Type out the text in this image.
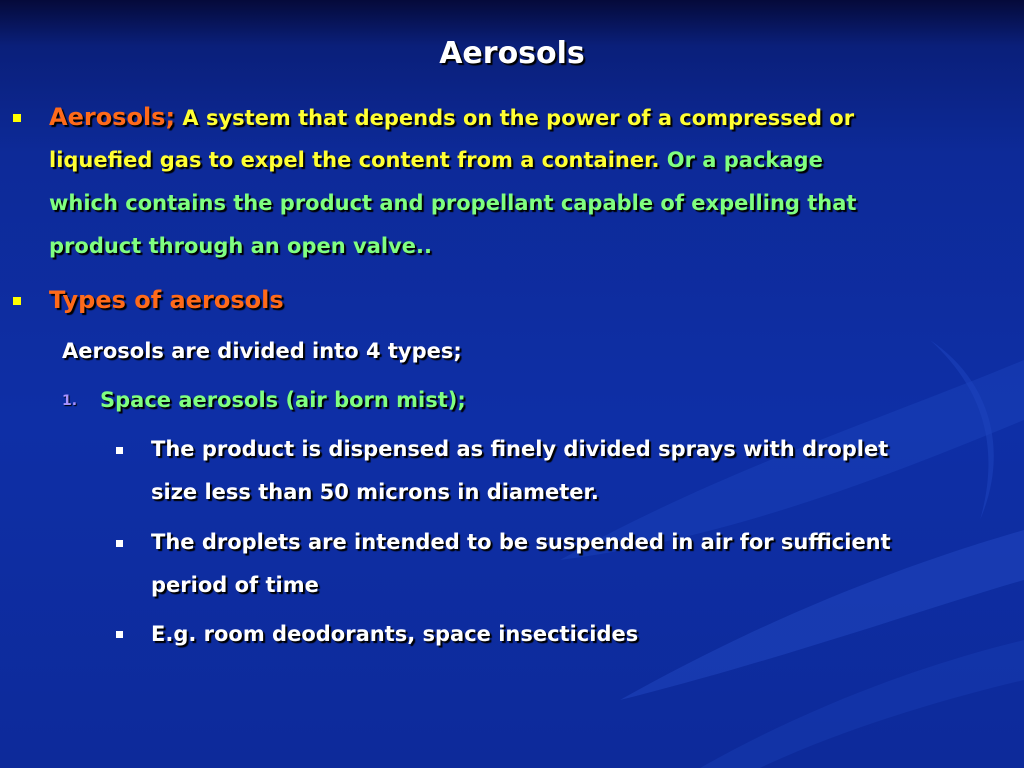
Aerosols

Aerosols; A system that depends on the power of a compressed or

liquefied gas to expel the content from a container. Or a package

which contains the product and propellant capable of expelling that

product through an open valve..

Types of aerosols

Aerosols are divided into 4 types;

1. Space aerosols (air born mist);

The product is dispensed as finely divided sprays with droplet

size less than 50 microns in diameter.

The droplets are intended to be suspended in air for sufficient

period of time

E.g. room deodorants, space insecticides
